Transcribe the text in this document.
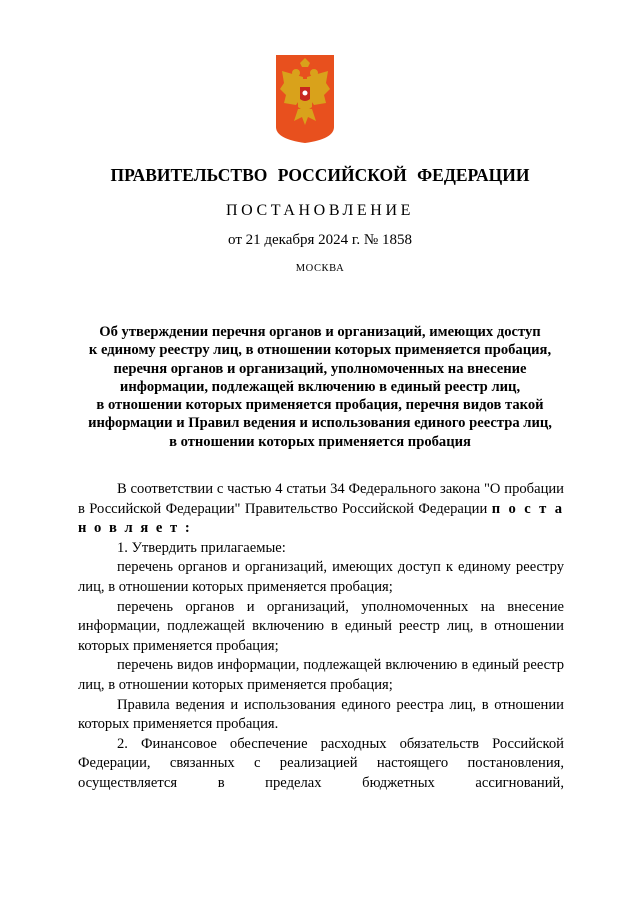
ПРАВИТЕЛЬСТВО РОССИЙСКОЙ ФЕДЕРАЦИИ
ПОСТАНОВЛЕНИЕ
от 21 декабря 2024 г. № 1858
МОСКВА
Об утверждении перечня органов и организаций, имеющих доступ
к единому реестру лиц, в отношении которых применяется пробация,
перечня органов и организаций, уполномоченных на внесение
информации, подлежащей включению в единый реестр лиц,
в отношении которых применяется пробация, перечня видов такой
информации и Правил ведения и использования единого реестра лиц,
в отношении которых применяется пробация

В соответствии с частью 4 статьи 34 Федерального закона "О пробации в Российской Федерации" Правительство Российской Федерации п о с т а н о в л я е т :

1. Утвердить прилагаемые:

перечень органов и организаций, имеющих доступ к единому реестру лиц, в отношении которых применяется пробация;

перечень органов и организаций, уполномоченных на внесение информации, подлежащей включению в единый реестр лиц, в отношении которых применяется пробация;

перечень видов информации, подлежащей включению в единый реестр лиц, в отношении которых применяется пробация;

Правила ведения и использования единого реестра лиц, в отношении которых применяется пробация.

2. Финансовое обеспечение расходных обязательств Российской Федерации, связанных с реализацией настоящего постановления, осуществляется в пределах бюджетных ассигнований,
